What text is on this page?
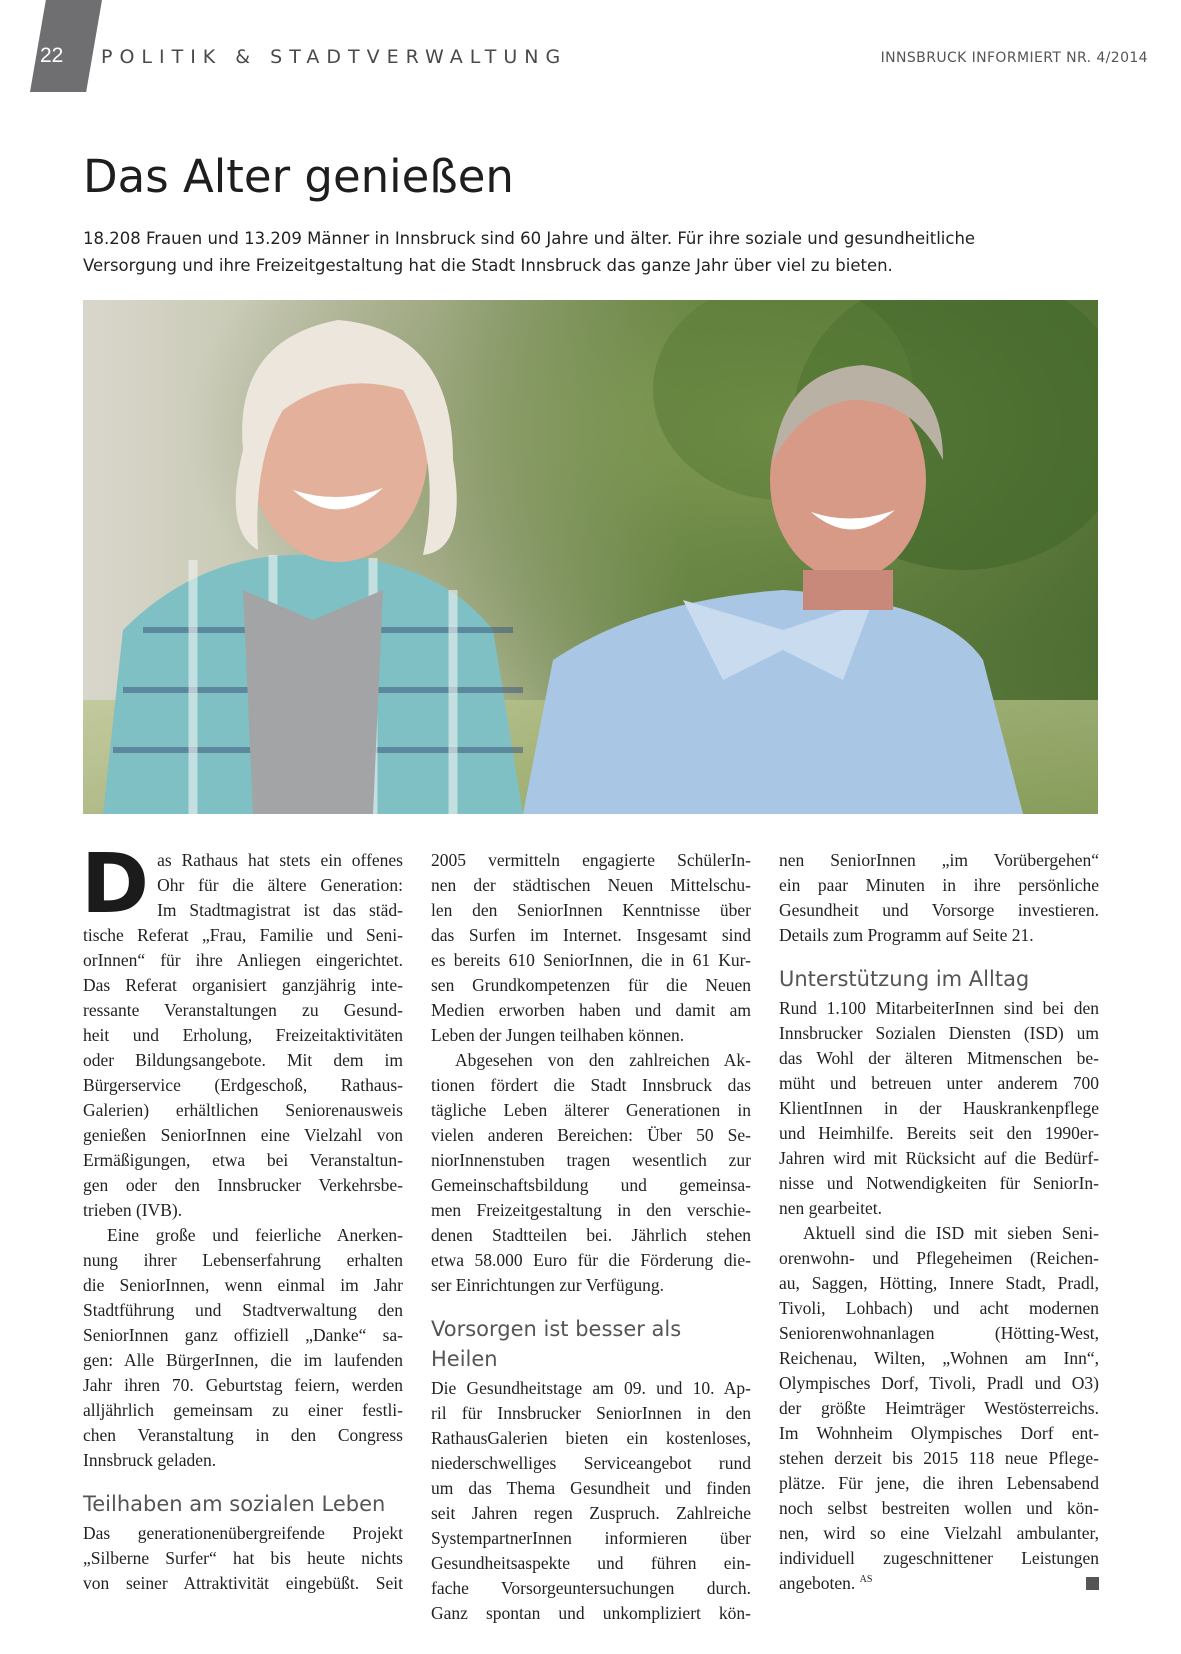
22	POLITIK & STADTVERWALTUNG	INNSBRUCK INFORMIERT NR. 4/2014
Das Alter genießen
18.208 Frauen und 13.209 Männer in Innsbruck sind 60 Jahre und älter. Für ihre soziale und gesundheitliche
Versorgung und ihre Freizeitgestaltung hat die Stadt Innsbruck das ganze Jahr über viel zu bieten.

D as Rathaus hat stets ein offenes
Ohr für die ältere Generation:
Im Stadtmagistrat ist das städ-
tische Referat „Frau, Familie und Seni-
orInnen“ für ihre Anliegen eingerichtet.
Das Referat organisiert ganzjährig inte-
ressante Veranstaltungen zu Gesund-
heit und Erholung, Freizeitaktivitäten
oder Bildungsangebote. Mit dem im
Bürgerservice (Erdgeschoß, Rathaus-
Galerien) erhältlichen Seniorenausweis
genießen SeniorInnen eine Vielzahl von
Ermäßigungen, etwa bei Veranstaltun-
gen oder den Innsbrucker Verkehrsbe-
trieben (IVB).

Eine große und feierliche Anerken-
nung ihrer Lebenserfahrung erhalten
die SeniorInnen, wenn einmal im Jahr
Stadtführung und Stadtverwaltung den
SeniorInnen ganz offiziell „Danke“ sa-
gen: Alle BürgerInnen, die im laufenden
Jahr ihren 70. Geburtstag feiern, werden
alljährlich gemeinsam zu einer festli-
chen Veranstaltung in den Congress
Innsbruck geladen.

Teilhaben am sozialen Leben

Das generationenübergreifende Projekt
„Silberne Surfer“ hat bis heute nichts
von seiner Attraktivität eingebüßt. Seit

2005 vermitteln engagierte SchülerIn-
nen der städtischen Neuen Mittelschu-
len den SeniorInnen Kenntnisse über
das Surfen im Internet. Insgesamt sind
es bereits 610 SeniorInnen, die in 61 Kur-
sen Grundkompetenzen für die Neuen
Medien erworben haben und damit am
Leben der Jungen teilhaben können.

Abgesehen von den zahlreichen Ak-
tionen fördert die Stadt Innsbruck das
tägliche Leben älterer Generationen in
vielen anderen Bereichen: Über 50 Se-
niorInnenstuben tragen wesentlich zur
Gemeinschaftsbildung und gemeinsa-
men Freizeitgestaltung in den verschie-
denen Stadtteilen bei. Jährlich stehen
etwa 58.000 Euro für die Förderung die-
ser Einrichtungen zur Verfügung.

Vorsorgen ist besser als Heilen

Die Gesundheitstage am 09. und 10. Ap-
ril für Innsbrucker SeniorInnen in den
RathausGalerien bieten ein kostenloses,
niederschwelliges Serviceangebot rund
um das Thema Gesundheit und finden
seit Jahren regen Zuspruch. Zahlreiche
SystempartnerInnen informieren über
Gesundheitsaspekte und führen ein-
fache Vorsorgeuntersuchungen durch.
Ganz spontan und unkompliziert kön-

nen SeniorInnen „im Vorübergehen“
ein paar Minuten in ihre persönliche
Gesundheit und Vorsorge investieren.
Details zum Programm auf Seite 21.

Unterstützung im Alltag

Rund 1.100 MitarbeiterInnen sind bei den
Innsbrucker Sozialen Diensten (ISD) um
das Wohl der älteren Mitmenschen be-
müht und betreuen unter anderem 700
KlientInnen in der Hauskrankenpflege
und Heimhilfe. Bereits seit den 1990er-
Jahren wird mit Rücksicht auf die Bedürf-
nisse und Notwendigkeiten für SeniorIn-
nen gearbeitet.

Aktuell sind die ISD mit sieben Seni-
orenwohn- und Pflegeheimen (Reichen-
au, Saggen, Hötting, Innere Stadt, Pradl,
Tivoli, Lohbach) und acht modernen
Seniorenwohnanlagen (Hötting-West,
Reichenau, Wilten, „Wohnen am Inn“,
Olympisches Dorf, Tivoli, Pradl und O3)
der größte Heimträger Westösterreichs.
Im Wohnheim Olympisches Dorf ent-
stehen derzeit bis 2015 118 neue Pflege-
plätze. Für jene, die ihren Lebensabend
noch selbst bestreiten wollen und kön-
nen, wird so eine Vielzahl ambulanter,
individuell zugeschnittener Leistungen
angeboten. $^{AS}$
